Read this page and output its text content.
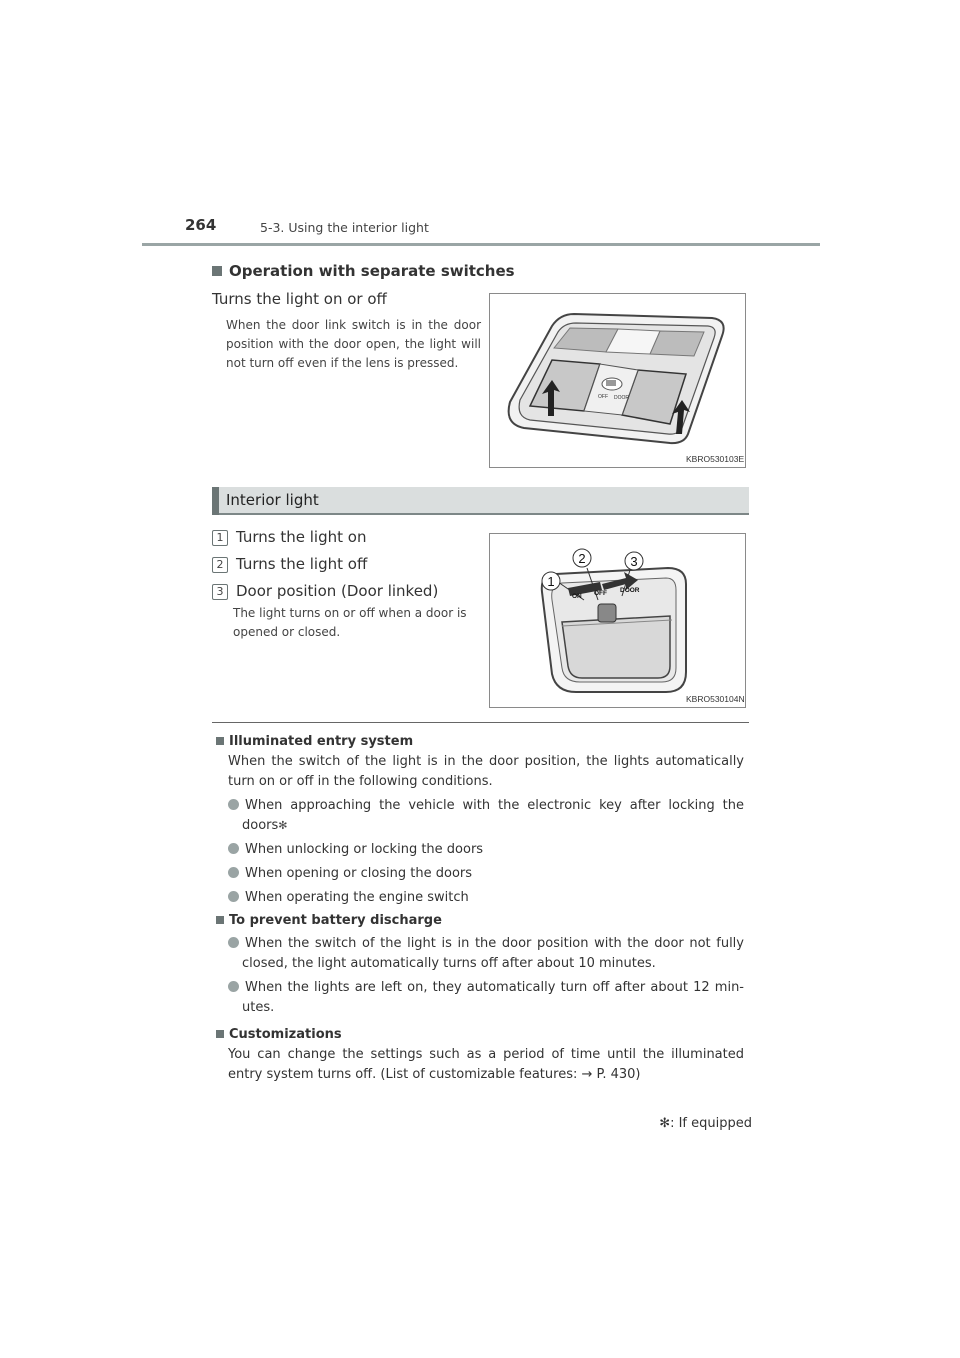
264	5-3. Using the interior light
Operation with separate switches
Turns the light on or off
When the door link switch is in the door position with the door open, the light will not turn off even if the lens is pressed.
OFF DOOR
KBRO530103E
Interior light
1 Turns the light on
2 Turns the light off
3 Door position (Door linked)
The light turns on or off when a door is opened or closed.
1
2	3
ON OFF DOOR
KBRO530104N
Illuminated entry system
When the switch of the light is in the door position, the lights automatically turn on or off in the following conditions.
When approaching the vehicle with the electronic key after locking the doors✻
When unlocking or locking the doors
When opening or closing the doors
When operating the engine switch
To prevent battery discharge
When the switch of the light is in the door position with the door not fully closed, the light automatically turns off after about 10 minutes.
When the lights are left on, they automatically turn off after about 12 min-utes.
Customizations
You can change the settings such as a period of time until the illuminated entry system turns off. (List of customizable features: → P. 430)
✻: If equipped
